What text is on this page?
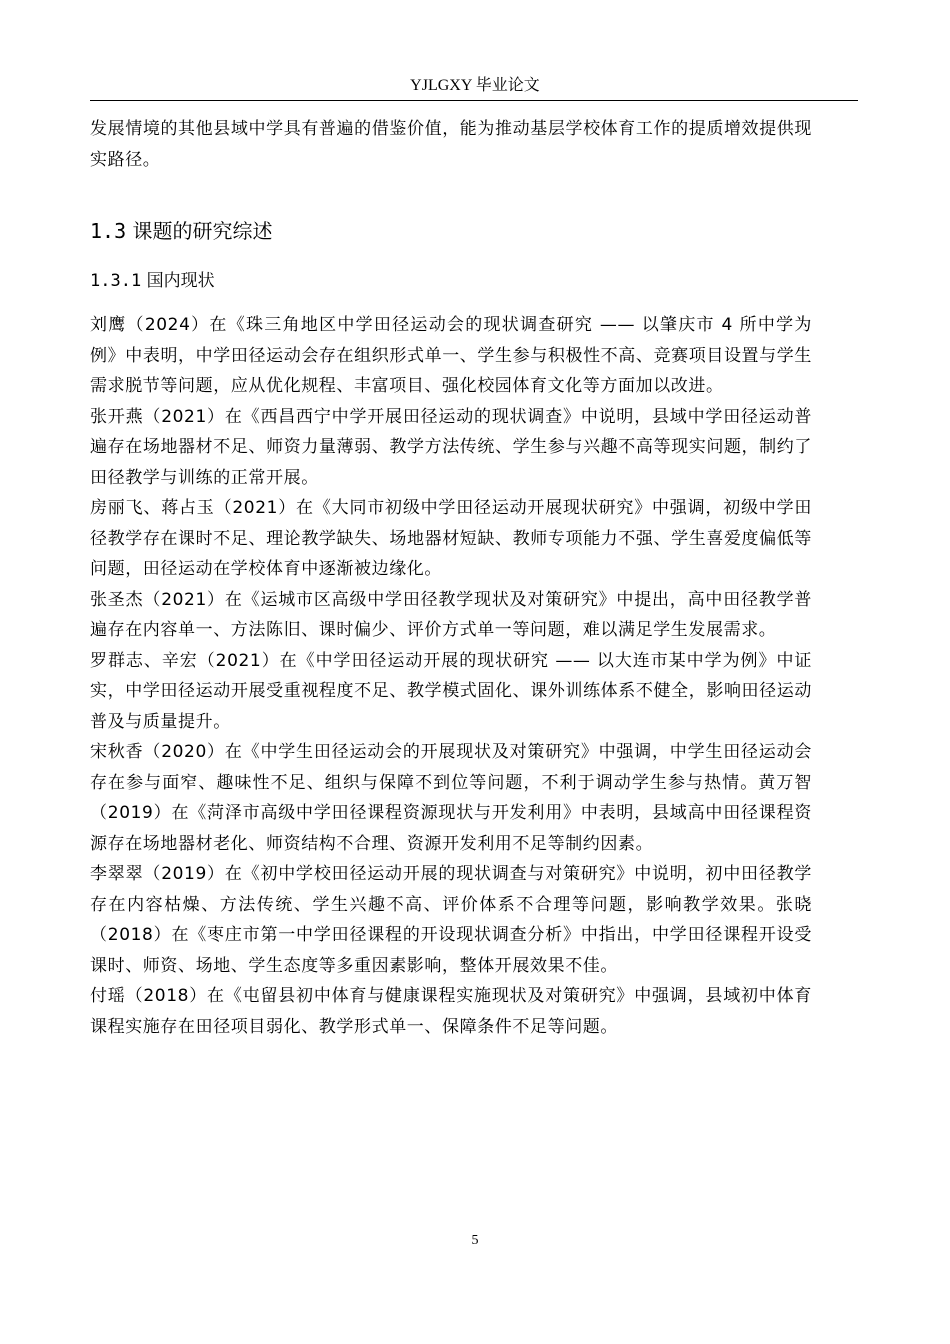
YJLGXY 毕业论文

发展情境的其他县域中学具有普遍的借鉴价值，能为推动基层学校体育工作的提质增效提供现实路径。

1.3 课题的研究综述
1.3.1 国内现状

刘鹰（2024）在《珠三角地区中学田径运动会的现状调查研究 —— 以肇庆市 4 所中学为例》中表明，中学田径运动会存在组织形式单一、学生参与积极性不高、竞赛项目设置与学生需求脱节等问题，应从优化规程、丰富项目、强化校园体育文化等方面加以改进。

张开燕（2021）在《西昌西宁中学开展田径运动的现状调查》中说明，县域中学田径运动普遍存在场地器材不足、师资力量薄弱、教学方法传统、学生参与兴趣不高等现实问题，制约了田径教学与训练的正常开展。

房丽飞、蒋占玉（2021）在《大同市初级中学田径运动开展现状研究》中强调，初级中学田径教学存在课时不足、理论教学缺失、场地器材短缺、教师专项能力不强、学生喜爱度偏低等问题，田径运动在学校体育中逐渐被边缘化。

张圣杰（2021）在《运城市区高级中学田径教学现状及对策研究》中提出，高中田径教学普遍存在内容单一、方法陈旧、课时偏少、评价方式单一等问题，难以满足学生发展需求。

罗群志、辛宏（2021）在《中学田径运动开展的现状研究 —— 以大连市某中学为例》中证实，中学田径运动开展受重视程度不足、教学模式固化、课外训练体系不健全，影响田径运动普及与质量提升。

宋秋香（2020）在《中学生田径运动会的开展现状及对策研究》中强调，中学生田径运动会存在参与面窄、趣味性不足、组织与保障不到位等问题，不利于调动学生参与热情。黄万智（2019）在《菏泽市高级中学田径课程资源现状与开发利用》中表明，县域高中田径课程资源存在场地器材老化、师资结构不合理、资源开发利用不足等制约因素。

李翠翠（2019）在《初中学校田径运动开展的现状调查与对策研究》中说明，初中田径教学存在内容枯燥、方法传统、学生兴趣不高、评价体系不合理等问题，影响教学效果。张晓（2018）在《枣庄市第一中学田径课程的开设现状调查分析》中指出，中学田径课程开设受课时、师资、场地、学生态度等多重因素影响，整体开展效果不佳。

付瑶（2018）在《屯留县初中体育与健康课程实施现状及对策研究》中强调，县域初中体育课程实施存在田径项目弱化、教学形式单一、保障条件不足等问题。

5
